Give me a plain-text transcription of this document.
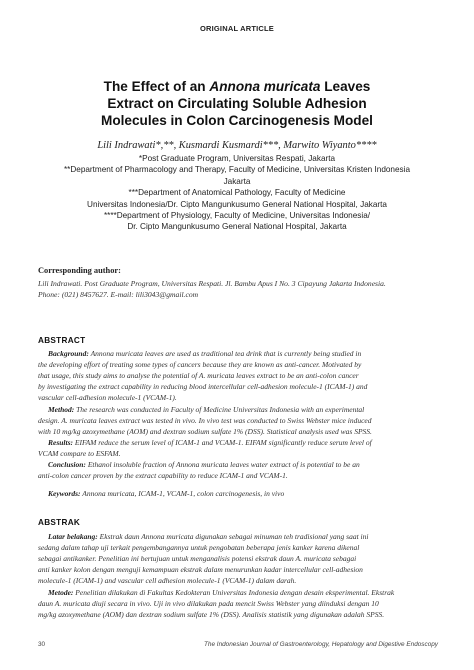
ORIGINAL ARTICLE
The Effect of an Annona muricata Leaves
Extract on Circulating Soluble Adhesion
Molecules in Colon Carcinogenesis Model
Lili Indrawati*,**, Kusmardi Kusmardi***, Marwito Wiyanto****
*Post Graduate Program, Universitas Respati, Jakarta
**Department of Pharmacology and Therapy, Faculty of Medicine, Universitas Kristen Indonesia
Jakarta
***Department of Anatomical Pathology, Faculty of Medicine
Universitas Indonesia/Dr. Cipto Mangunkusumo General National Hospital, Jakarta
****Department of Physiology, Faculty of Medicine, Universitas Indonesia/
Dr. Cipto Mangunkusumo General National Hospital, Jakarta
Corresponding author:
Lili Indrawati. Post Graduate Program, Universitas Respati. Jl. Bambu Apus I No. 3 Cipayung Jakarta Indonesia.
Phone: (021) 8457627. E-mail: lili3043@gmail.com
ABSTRACT
Background: Annona muricata leaves are used as traditional tea drink that is currently being studied in
the developing effort of treating some types of cancers because they are known as anti-cancer. Motivated by
that usage, this study aims to analyse the potential of A. muricata leaves extract to be an anti-colon cancer
by investigating the extract capability in reducing blood intercellular cell-adhesion molecule-1 (ICAM-1) and
vascular cell-adhesion molecule-1 (VCAM-1).
Method: The research was conducted in Faculty of Medicine Universitas Indonesia with an experimental
design. A. muricata leaves extract was tested in vivo. In vivo test was conducted to Swiss Webster mice induced
with 10 mg/kg azoxymethane (AOM) and dextran sodium sulfate 1% (DSS). Statistical analysis used was SPSS.
Results: EIFAM reduce the serum level of ICAM-1 and VCAM-1. EIFAM significantly reduce serum level of
VCAM compare to ESFAM.
Conclusion: Ethanol insoluble fraction of Annona muricata leaves water extract of is potential to be an
anti-colon cancer proven by the extract capability to reduce ICAM-1 and VCAM-1.
Keywords: Annona muricata, ICAM-1, VCAM-1, colon carcinogenesis, in vivo
ABSTRAK
Latar belakang: Ekstrak daun Annona muricata digunakan sebagai minuman teh tradisional yang saat ini
sedang dalam tahap uji terkait pengembangannya untuk pengobatan beberapa jenis kanker karena dikenal
sebagai antikanker. Penelitian ini bertujuan untuk menganalisis potensi ekstrak daun A. muricata sebagai
anti kanker kolon dengan menguji kemampuan ekstrak dalam menurunkan kadar intercellular cell-adhesion
molecule-1 (ICAM-1) and vascular cell adhesion molecule-1 (VCAM-1) dalam darah.
Metode: Penelitian dilakukan di Fakultas Kedokteran Universitas Indonesia dengan desain eksperimental. Ekstrak
daun A. muricata diuji secara in vivo. Uji in vivo dilakukan pada mencit Swiss Webster yang diinduksi dengan 10
mg/kg azoxymethane (AOM) dan dextran sodium sulfate 1% (DSS). Analisis statistik yang digunakan adalah SPSS.
30	The Indonesian Journal of Gastroenterology, Hepatology and Digestive Endoscopy
